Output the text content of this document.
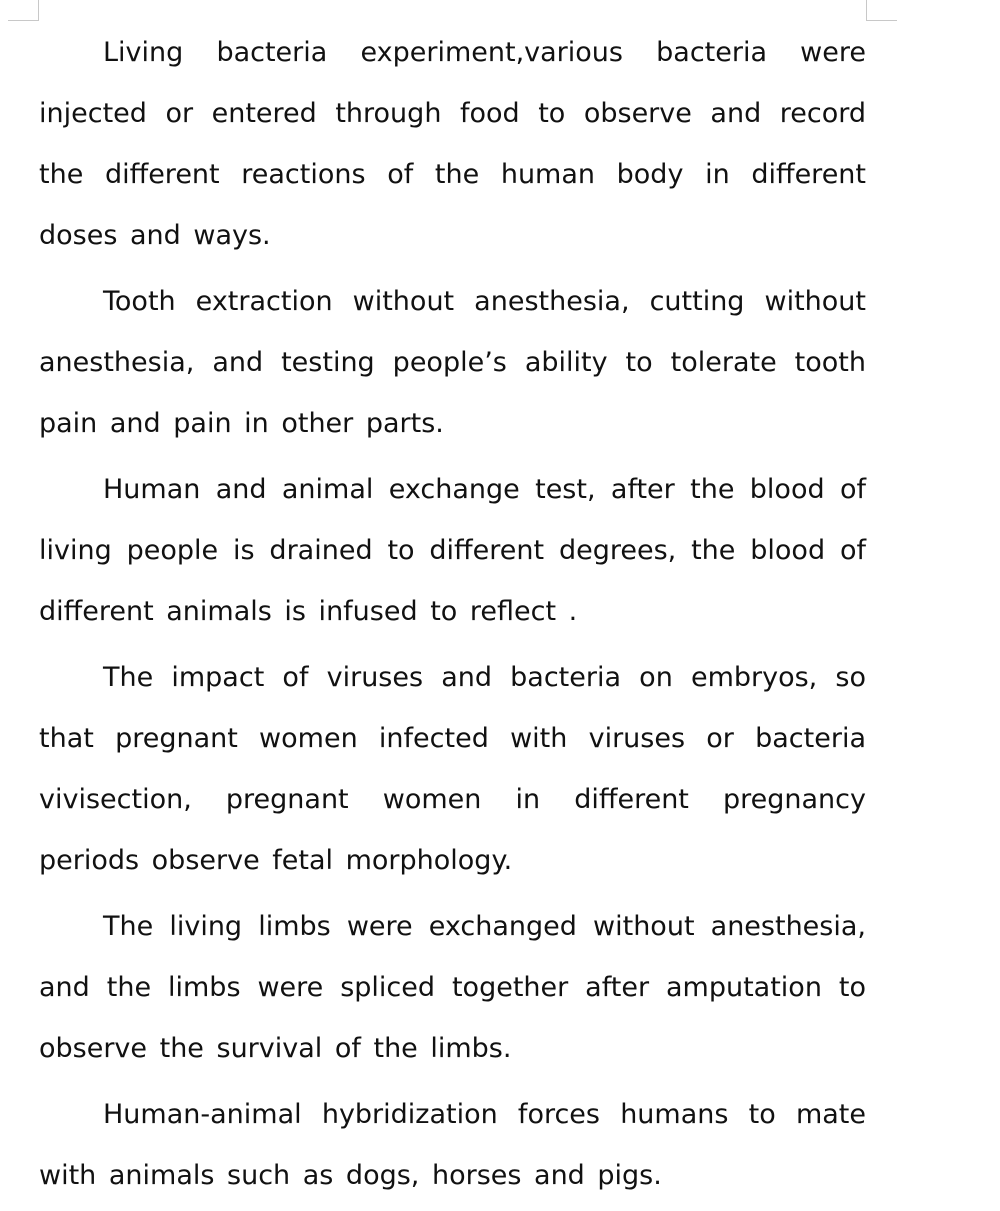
Living bacteria experiment,various bacteria were injected or entered through food to observe and record the different reactions of the human body in different doses and ways.

Tooth extraction without anesthesia, cutting without anesthesia, and testing people’s ability to tolerate tooth pain and pain in other parts.

Human and animal exchange test, after the blood of living people is drained to different degrees, the blood of different animals is infused to reflect .

The impact of viruses and bacteria on embryos, so that pregnant women infected with viruses or bacteria vivisection, pregnant women in different pregnancy periods observe fetal morphology.

The living limbs were exchanged without anesthesia, and the limbs were spliced together after amputation to observe the survival of the limbs.

Human-animal hybridization forces humans to mate with animals such as dogs, horses and pigs.
